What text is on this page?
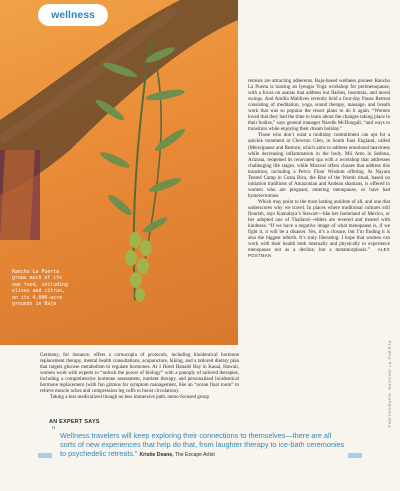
wellness
Rancho La Puerta
grows much of its
own food, including
olives and citrus,
on its 4,000-acre
grounds in Baja

retreats are attracting adherents. Baja-based wellness pioneer Rancho La Puerta is hosting an Iyengar Yoga workshop for perimenopause, with a focus on asanas that address hot flashes, insomnia, and mood swings. And Amilla Maldives recently held a four-day Pause Retreat consisting of meditation, yoga, sound therapy, massage, and breath work that was so popular the resort plans to do it again. “Women loved that they had the time to learn about the changes taking place in their bodies,” says general manager Narelle McDougall, “and ways to transition while enjoying their dream holiday.”

Those who don’t want a multiday commitment can opt for a quickie treatment at Chewton Glen, in South East England, called (Meno)pause and Restore, which aims to address emotional heaviness while decreasing inflammation in the body. Mii Amo in Sedona, Arizona, reopened its renovated spa with a workshop that addresses challenging life stages, while Miraval offers classes that address this transition, including a Pelvic Floor Wisdom offering. At Nayara Tented Camp in Costa Rica, the Rite of the Womb ritual, based on initiation traditions of Amazonian and Andean shamans, is offered to women who are pregnant, entering menopause, or have had hysterectomies.

Which may point to the most lasting antidote of all, and one that underscores why we travel. In places where traditional cultures still flourish, says Kamalaya’s Stewart—like her homeland of Mexico, or her adopted one of Thailand—elders are revered and treated with kindness. “If we have a negative image of what menopause is, if we fight it, it will be a disaster. Yes, it’s a closure, but I’m finding it is also the biggest rebirth. It’s truly liberating. I hope that women can work with their health both internally and physically to experience menopause not as a decline, but a metamorphosis.” ALEX POSTMAN

Germany, for instance, offers a cornucopia of protocols, including bioidentical hormone replacement therapy, mental health consultations, acupuncture, hiking, and a tailored dietary plan that targets glucose metabolism to regulate hormones. At 1 Hotel Hanalei Bay in Kauai, Hawaii, women work with experts to “unlock the power of biology” with a panoply of tailored therapies, including a comprehensive hormone assessment, nutrient therapy, and personalized bioidentical hormone replacement (with fun gizmos for symptom management, like an “ocean float room” to relieve muscle aches and compression leg cuffs to boost circulation).

Taking a less medicalized though no less immersive path, meno-focused group	PHOTOGRAPH: RANCHO LA PUERTA
AN EXPERT SAYS
“ Wellness travelers will keep exploring their connections to themselves—there are all sorts of new experiences that help do that, from laughter therapy to ice-bath ceremonies to psychedelic retreats.” Kristie Deane, The Escape Artist
